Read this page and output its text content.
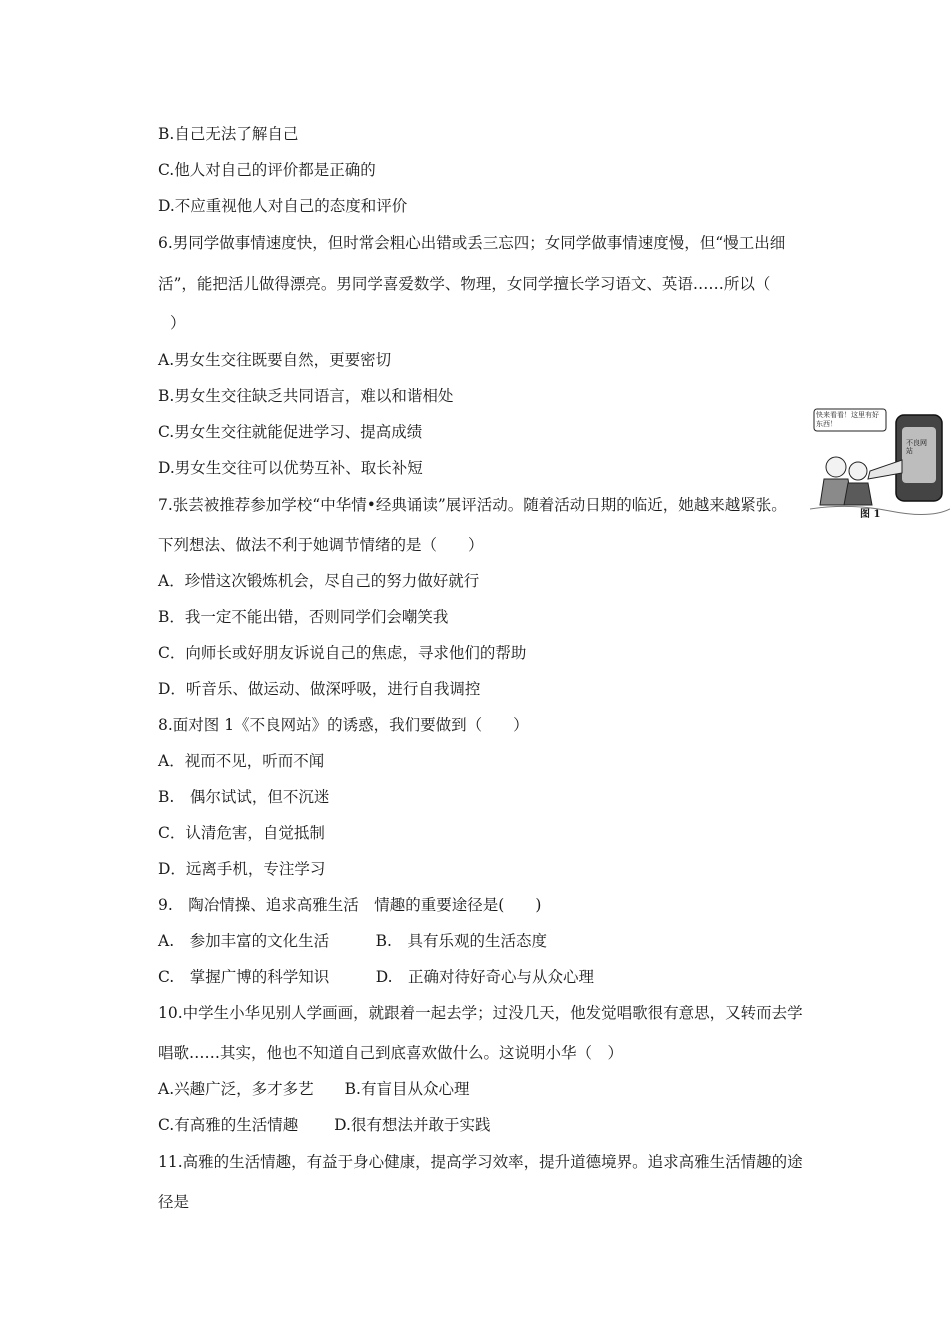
B.自己无法了解自己
C.他人对自己的评价都是正确的
D.不应重视他人对自己的态度和评价
6.男同学做事情速度快，但时常会粗心出错或丢三忘四；女同学做事情速度慢，但“慢工出细
活”，能把活儿做得漂亮。男同学喜爱数学、物理，女同学擅长学习语文、英语……所以（
）
A.男女生交往既要自然，更要密切
B.男女生交往缺乏共同语言，难以和谐相处
C.男女生交往就能促进学习、提高成绩
D.男女生交往可以优势互补、取长补短
7.张芸被推荐参加学校“中华情•经典诵读”展评活动。随着活动日期的临近，她越来越紧张。
下列想法、做法不利于她调节情绪的是（　　）
A．珍惜这次锻炼机会，尽自己的努力做好就行
B．我一定不能出错，否则同学们会嘲笑我
C．向师长或好朋友诉说自己的焦虑，寻求他们的帮助
D．听音乐、做运动、做深呼吸，进行自我调控
8.面对图 1《不良网站》的诱惑，我们要做到（　　）
A．视而不见，听而不闻
B.　偶尔试试，但不沉迷
C．认清危害，自觉抵制
D．远离手机，专注学习
9.　陶冶情操、追求高雅生活　情趣的重要途径是(　　)
A.　参加丰富的文化生活　　　B.　具有乐观的生活态度
C.　掌握广博的科学知识　　　D.　正确对待好奇心与从众心理
10.中学生小华见别人学画画，就跟着一起去学；过没几天，他发觉唱歌很有意思，又转而去学
唱歌……其实，他也不知道自己到底喜欢做什么。这说明小华（　）
A.兴趣广泛，多才多艺　　B.有盲目从众心理
C.有高雅的生活情趣　　 D.很有想法并敢于实践
11.高雅的生活情趣，有益于身心健康，提高学习效率，提升道德境界。追求高雅生活情趣的途
径是
快来看看！这里有好东西！
不良网站
图 1
